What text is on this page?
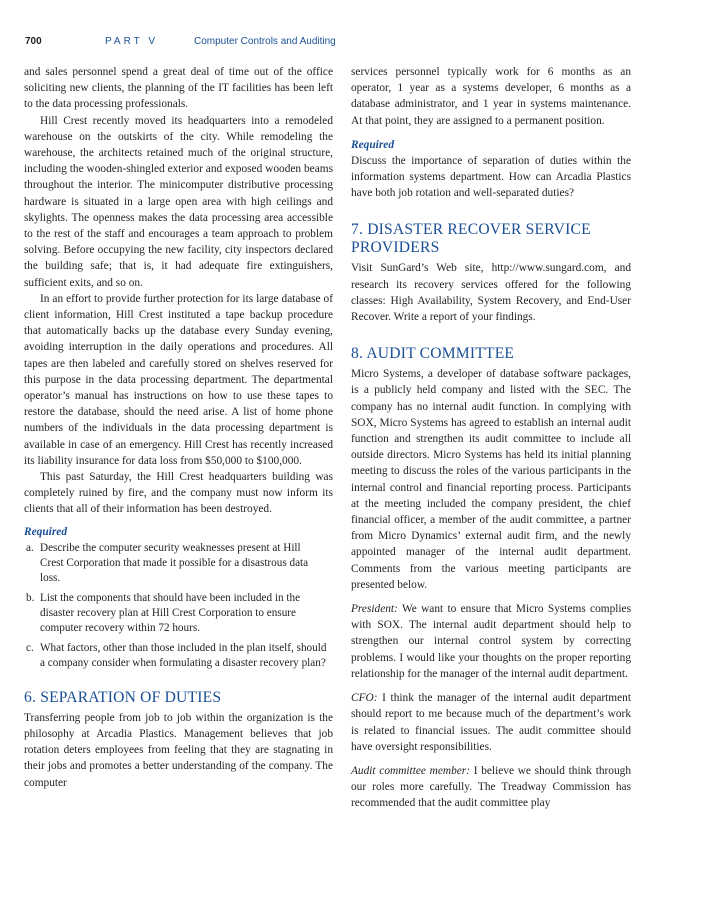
700	PART V	Computer Controls and Auditing

and sales personnel spend a great deal of time out of the office soliciting new clients, the planning of the IT facilities has been left to the data processing professionals.

Hill Crest recently moved its headquarters into a remodeled warehouse on the outskirts of the city. While remodeling the warehouse, the architects retained much of the original structure, including the wooden-shingled exterior and exposed wooden beams throughout the interior. The minicomputer distributive processing hardware is situated in a large open area with high ceilings and skylights. The openness makes the data processing area accessible to the rest of the staff and encourages a team approach to problem solving. Before occupying the new facility, city inspectors declared the building safe; that is, it had adequate fire extinguishers, sufficient exits, and so on.

In an effort to provide further protection for its large database of client information, Hill Crest instituted a tape backup procedure that automatically backs up the database every Sunday evening, avoiding interruption in the daily operations and procedures. All tapes are then labeled and carefully stored on shelves reserved for this purpose in the data processing department. The departmental operator’s manual has instructions on how to use these tapes to restore the database, should the need arise. A list of home phone numbers of the individuals in the data processing department is available in case of an emergency. Hill Crest has recently increased its liability insurance for data loss from $50,000 to $100,000.

This past Saturday, the Hill Crest headquarters building was completely ruined by fire, and the company must now inform its clients that all of their information has been destroyed.

Required
a. Describe the computer security weaknesses present at Hill Crest Corporation that made it possible for a disastrous data loss.
b. List the components that should have been included in the disaster recovery plan at Hill Crest Corporation to ensure computer recovery within 72 hours.
c. What factors, other than those included in the plan itself, should a company consider when formulating a disaster recovery plan?
6. SEPARATION OF DUTIES

Transferring people from job to job within the organization is the philosophy at Arcadia Plastics. Management believes that job rotation deters employees from feeling that they are stagnating in their jobs and promotes a better understanding of the company. The computer

services personnel typically work for 6 months as an operator, 1 year as a systems developer, 6 months as a database administrator, and 1 year in systems maintenance. At that point, they are assigned to a permanent position.

Required

Discuss the importance of separation of duties within the information systems department. How can Arcadia Plastics have both job rotation and well-separated duties?

7. DISASTER RECOVER SERVICE PROVIDERS

Visit SunGard’s Web site, http://www.sungard.com, and research its recovery services offered for the following classes: High Availability, System Recovery, and End-User Recover. Write a report of your findings.

8. AUDIT COMMITTEE

Micro Systems, a developer of database software packages, is a publicly held company and listed with the SEC. The company has no internal audit function. In complying with SOX, Micro Systems has agreed to establish an internal audit function and strengthen its audit committee to include all outside directors. Micro Systems has held its initial planning meeting to discuss the roles of the various participants in the internal control and financial reporting process. Participants at the meeting included the company president, the chief financial officer, a member of the audit committee, a partner from Micro Dynamics’ external audit firm, and the newly appointed manager of the internal audit department. Comments from the various meeting participants are presented below.

President: We want to ensure that Micro Systems complies with SOX. The internal audit department should help to strengthen our internal control system by correcting problems. I would like your thoughts on the proper reporting relationship for the manager of the internal audit department.

CFO: I think the manager of the internal audit department should report to me because much of the department’s work is related to financial issues. The audit committee should have oversight responsibilities.

Audit committee member: I believe we should think through our roles more carefully. The Treadway Commission has recommended that the audit committee play
